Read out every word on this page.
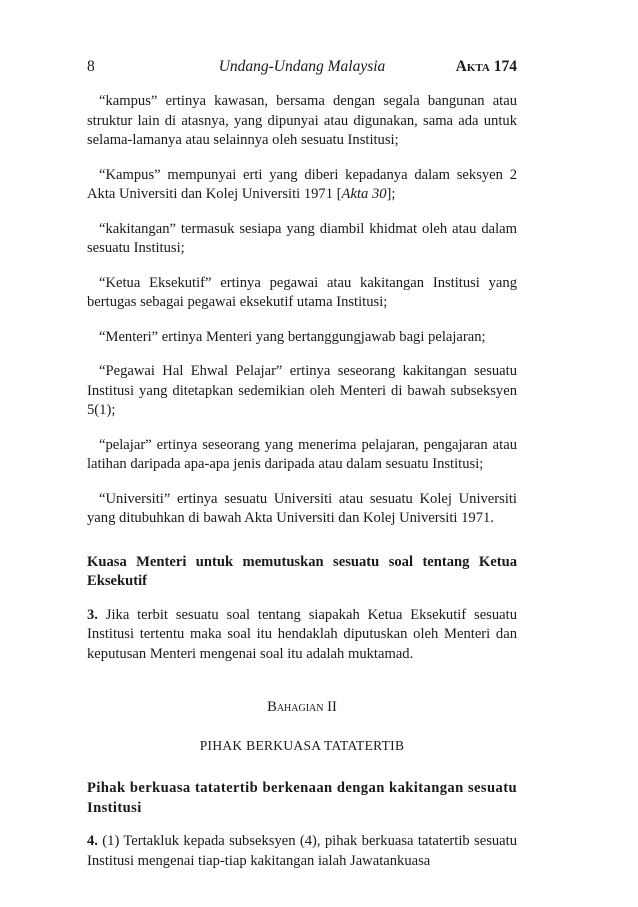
8	Undang-Undang Malaysia	Akta 174

“kampus” ertinya kawasan, bersama dengan segala bangunan atau struktur lain di atasnya, yang dipunyai atau digunakan, sama ada untuk selama-lamanya atau selainnya oleh sesuatu Institusi;

“Kampus” mempunyai erti yang diberi kepadanya dalam seksyen 2 Akta Universiti dan Kolej Universiti 1971 [Akta 30];

“kakitangan” termasuk sesiapa yang diambil khidmat oleh atau dalam sesuatu Institusi;

“Ketua Eksekutif” ertinya pegawai atau kakitangan Institusi yang bertugas sebagai pegawai eksekutif utama Institusi;

“Menteri” ertinya Menteri yang bertanggungjawab bagi pelajaran;

“Pegawai Hal Ehwal Pelajar” ertinya seseorang kakitangan sesuatu Institusi yang ditetapkan sedemikian oleh Menteri di bawah subseksyen 5(1);

“pelajar” ertinya seseorang yang menerima pelajaran, pengajaran atau latihan daripada apa-apa jenis daripada atau dalam sesuatu Institusi;

“Universiti” ertinya sesuatu Universiti atau sesuatu Kolej Universiti yang ditubuhkan di bawah Akta Universiti dan Kolej Universiti 1971.

Kuasa Menteri untuk memutuskan sesuatu soal tentang Ketua Eksekutif

3. Jika terbit sesuatu soal tentang siapakah Ketua Eksekutif sesuatu Institusi tertentu maka soal itu hendaklah diputuskan oleh Menteri dan keputusan Menteri mengenai soal itu adalah muktamad.

Bahagian II
PIHAK BERKUASA TATATERTIB
Pihak berkuasa tatatertib berkenaan dengan kakitangan sesuatu Institusi

4. (1) Tertakluk kepada subseksyen (4), pihak berkuasa tatatertib sesuatu Institusi mengenai tiap-tiap kakitangan ialah Jawatankuasa
